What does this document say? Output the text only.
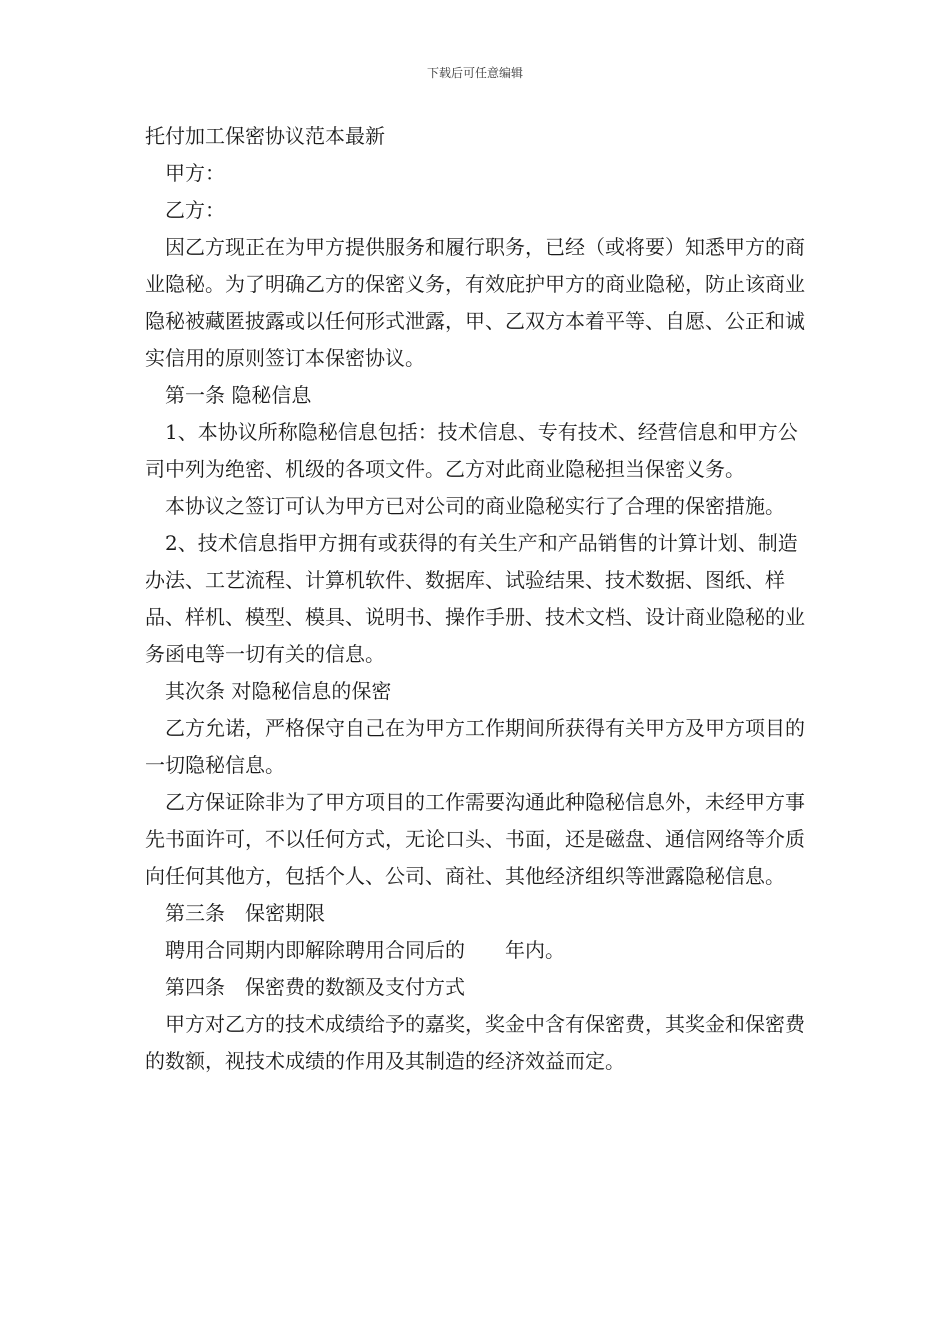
下载后可任意编辑

托付加工保密协议范本最新

甲方：

乙方：

因乙方现正在为甲方提供服务和履行职务，已经（或将要）知悉甲方的商业隐秘。为了明确乙方的保密义务，有效庇护甲方的商业隐秘，防止该商业隐秘被藏匿披露或以任何形式泄露，甲、乙双方本着平等、自愿、公正和诚实信用的原则签订本保密协议。

第一条 隐秘信息

1、本协议所称隐秘信息包括：技术信息、专有技术、经营信息和甲方公司中列为绝密、机级的各项文件。乙方对此商业隐秘担当保密义务。

本协议之签订可认为甲方已对公司的商业隐秘实行了合理的保密措施。

2、技术信息指甲方拥有或获得的有关生产和产品销售的计算计划、制造办法、工艺流程、计算机软件、数据库、试验结果、技术数据、图纸、样品、样机、模型、模具、说明书、操作手册、技术文档、设计商业隐秘的业务函电等一切有关的信息。

其次条 对隐秘信息的保密

乙方允诺，严格保守自己在为甲方工作期间所获得有关甲方及甲方项目的一切隐秘信息。

乙方保证除非为了甲方项目的工作需要沟通此种隐秘信息外，未经甲方事先书面许可，不以任何方式，无论口头、书面，还是磁盘、通信网络等介质向任何其他方，包括个人、公司、商社、其他经济组织等泄露隐秘信息。

第三条　保密期限

聘用合同期内即解除聘用合同后的　　年内。

第四条　保密费的数额及支付方式

甲方对乙方的技术成绩给予的嘉奖，奖金中含有保密费，其奖金和保密费的数额，视技术成绩的作用及其制造的经济效益而定。
